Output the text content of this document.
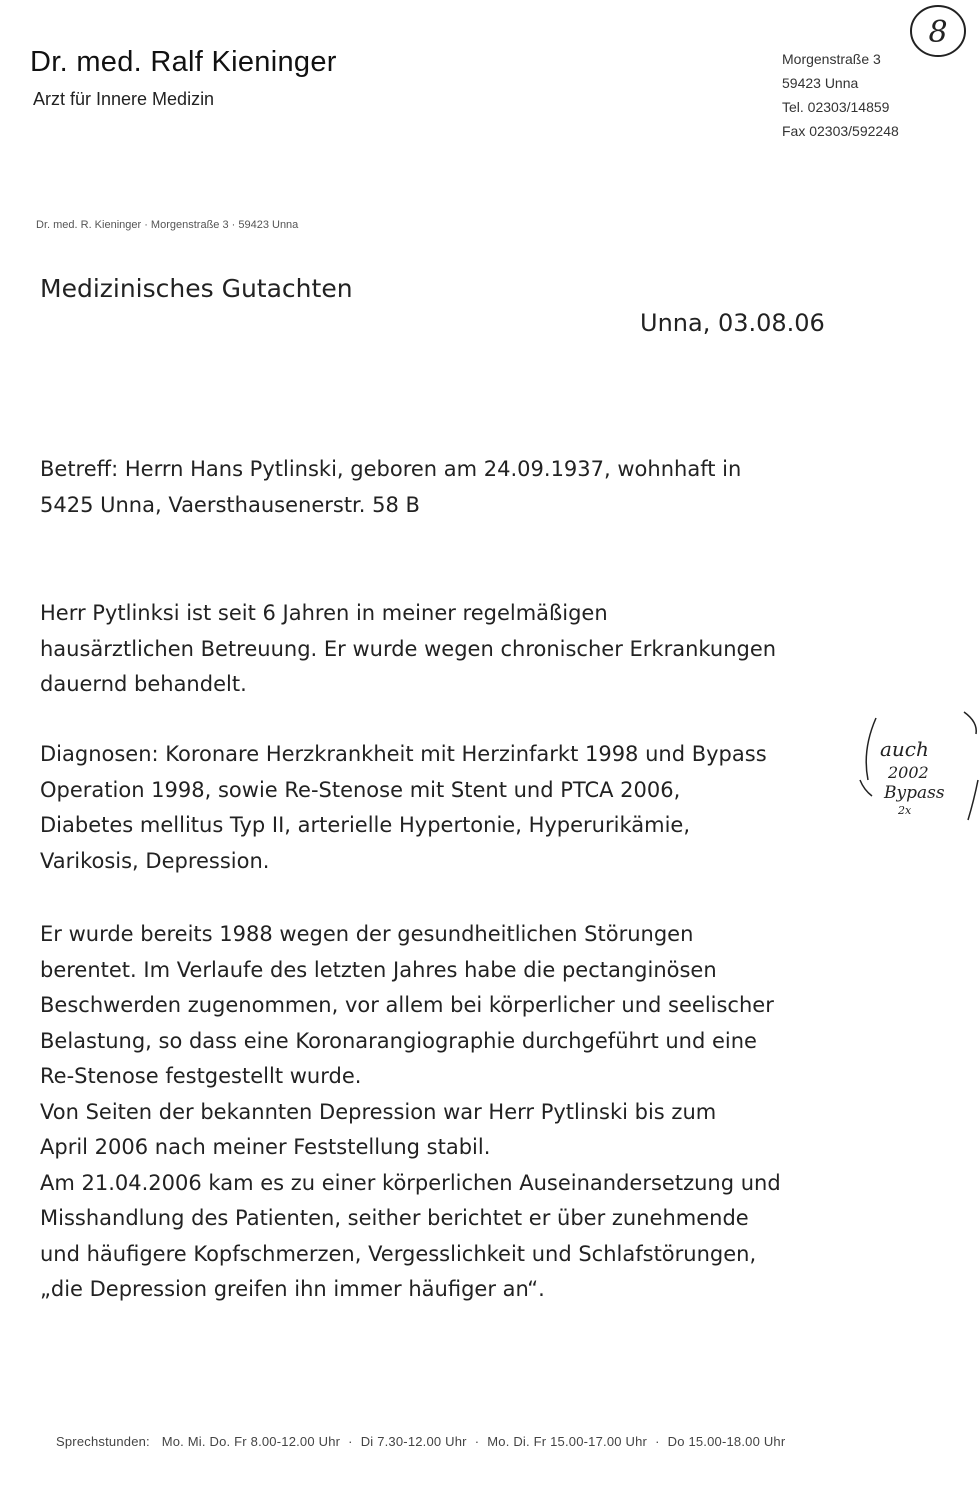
Dr. med. Ralf Kieninger
Arzt für Innere Medizin
Morgenstraße 3
59423 Unna
Tel. 02303/14859
Fax 02303/592248
8
Dr. med. R. Kieninger · Morgenstraße 3 · 59423 Unna
Medizinisches Gutachten
Unna, 03.08.06

Betreff: Herrn Hans Pytlinski, geboren am 24.09.1937, wohnhaft in

5425 Unna, Vaersthausenerstr. 58 B

Herr Pytlinksi ist seit 6 Jahren in meiner regelmäßigen

hausärztlichen Betreuung. Er wurde wegen chronischer Erkrankungen

dauernd behandelt.

Diagnosen: Koronare Herzkrankheit mit Herzinfarkt 1998 und Bypass

Operation 1998, sowie Re-Stenose mit Stent und PTCA 2006,

Diabetes mellitus Typ II, arterielle Hypertonie, Hyperurikämie,

Varikosis, Depression.

auch
2002
Bypass
2x

Er wurde bereits 1988 wegen der gesundheitlichen Störungen

berentet. Im Verlaufe des letzten Jahres habe die pectanginösen

Beschwerden zugenommen, vor allem bei körperlicher und seelischer

Belastung, so dass eine Koronarangiographie durchgeführt und eine

Re-Stenose festgestellt wurde.

Von Seiten der bekannten Depression war Herr Pytlinski bis zum

April 2006 nach meiner Feststellung stabil.

Am 21.04.2006 kam es zu einer körperlichen Auseinandersetzung und

Misshandlung des Patienten, seither berichtet er über zunehmende

und häufigere Kopfschmerzen, Vergesslichkeit und Schlafstörungen,

„die Depression greifen ihn immer häufiger an“.

Sprechstunden: Mo. Mi. Do. Fr 8.00-12.00 Uhr · Di 7.30-12.00 Uhr · Mo. Di. Fr 15.00-17.00 Uhr · Do 15.00-18.00 Uhr
